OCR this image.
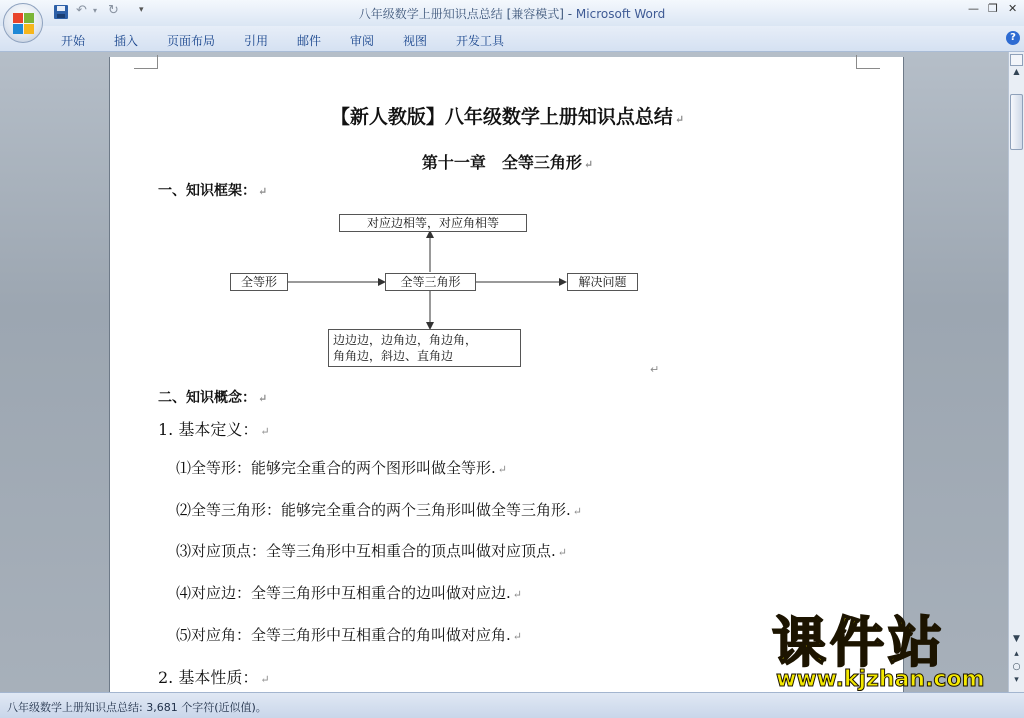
↶ ▾ ↻ ▾	八年级数学上册知识点总结 [兼容模式] - Microsoft Word	— ❐ ✕
开始 插入 页面布局 引用 邮件 审阅 视图 开发工具	?
【新人教版】八年级数学上册知识点总结 ↵
第十一章　全等三角形 ↵
一、知识框架： ↵
对应边相等，对应角相等
全等形	全等三角形	解决问题
边边边，边角边，角边角，
角角边，斜边、直角边
↵
二、知识概念： ↵
1. 基本定义： ↵
⑴全等形：能够完全重合的两个图形叫做全等形. ↵
⑵全等三角形：能够完全重合的两个三角形叫做全等三角形. ↵
⑶对应顶点：全等三角形中互相重合的顶点叫做对应顶点. ↵
⑷对应边：全等三角形中互相重合的边叫做对应边. ↵
⑸对应角：全等三角形中互相重合的角叫做对应角. ↵
2. 基本性质： ↵
▲
▼
▴
○
▾
八年级数学上册知识点总结: 3,681 个字符(近似值)。
课件站
www.kjzhan.com
